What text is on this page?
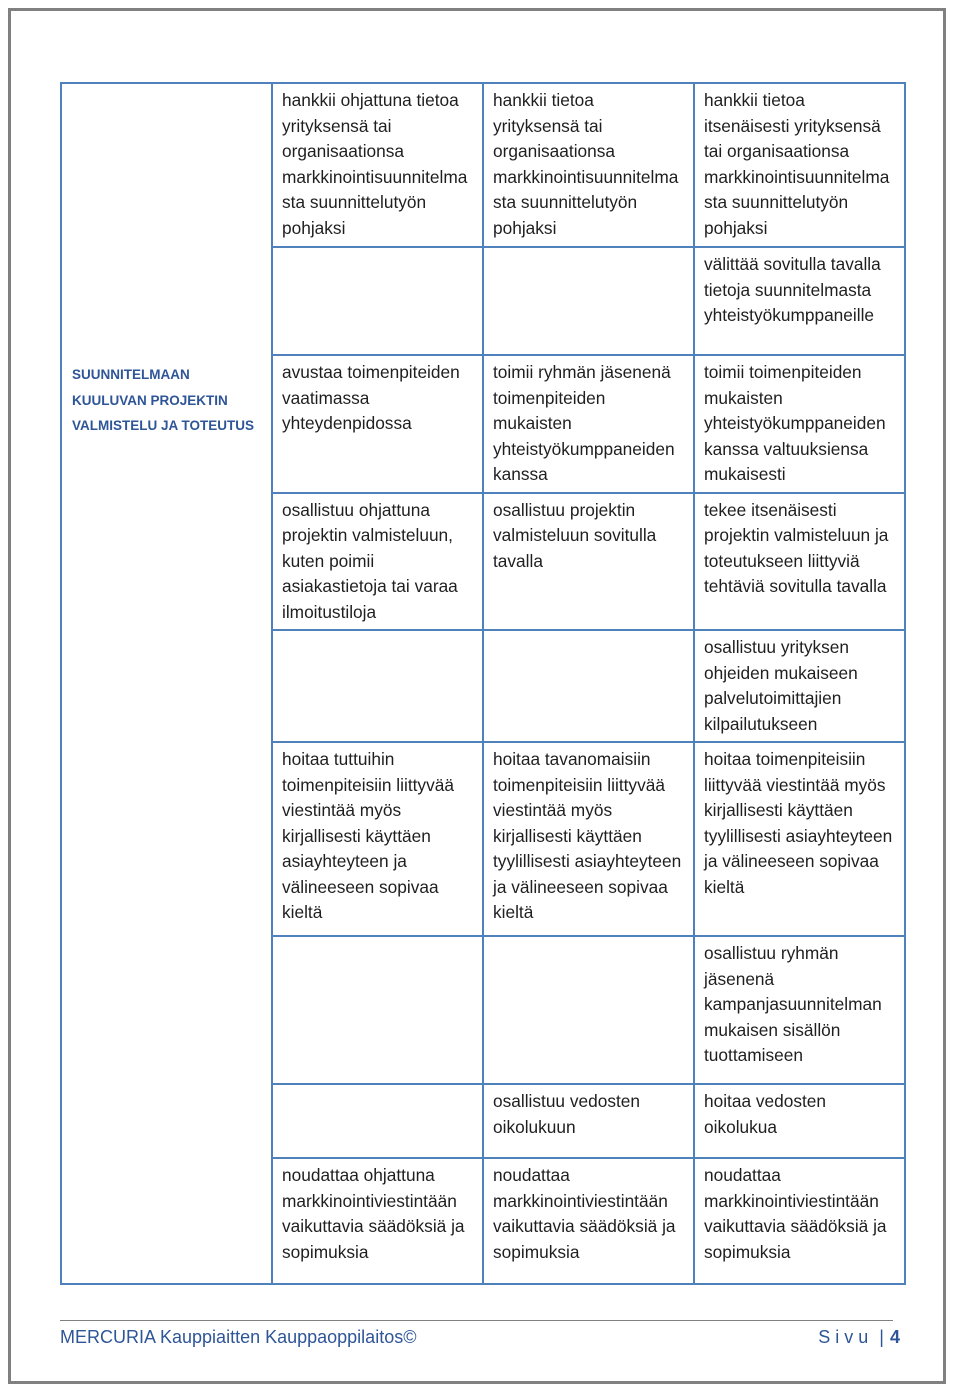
SUUNNITELMAAN KUULUVAN PROJEKTIN VALMISTELU JA TOTEUTUS	hankkii ohjattuna tietoa yrityksensä tai organisaationsa markkinointisuunnitelmasta suunnittelutyön pohjaksi	hankkii tietoa yrityksensä tai organisaationsa markkinointisuunnitelmasta suunnittelutyön pohjaksi	hankkii tietoa itsenäisesti yrityksensä tai organisaationsa markkinointisuunnitelmasta suunnittelutyön pohjaksi

			välittää sovitulla tavalla tietoja suunnitelmasta yhteistyökumppaneille

	avustaa toimenpiteiden vaatimassa yhteydenpidossa	toimii ryhmän jäsenenä toimenpiteiden mukaisten yhteistyökumppaneiden kanssa	toimii toimenpiteiden mukaisten yhteistyökumppaneiden kanssa valtuuksiensa mukaisesti

	osallistuu ohjattuna projektin valmisteluun, kuten poimii asiakastietoja tai varaa ilmoitustiloja	osallistuu projektin valmisteluun sovitulla tavalla	tekee itsenäisesti projektin valmisteluun ja toteutukseen liittyviä tehtäviä sovitulla tavalla

			osallistuu yrityksen ohjeiden mukaiseen palvelutoimittajien kilpailutukseen

	hoitaa tuttuihin toimenpiteisiin liittyvää viestintää myös kirjallisesti käyttäen asiayhteyteen ja välineeseen sopivaa kieltä	hoitaa tavanomaisiin toimenpiteisiin liittyvää viestintää myös kirjallisesti käyttäen tyylillisesti asiayhteyteen ja välineeseen sopivaa kieltä	hoitaa toimenpiteisiin liittyvää viestintää myös kirjallisesti käyttäen tyylillisesti asiayhteyteen ja välineeseen sopivaa kieltä

			osallistuu ryhmän jäsenenä kampanjasuunnitelman mukaisen sisällön tuottamiseen

		osallistuu vedosten oikolukuun	hoitaa vedosten oikolukua

	noudattaa ohjattuna markkinointiviestintään vaikuttavia säädöksiä ja sopimuksia	noudattaa markkinointiviestintään vaikuttavia säädöksiä ja sopimuksia	noudattaa markkinointiviestintään vaikuttavia säädöksiä ja sopimuksia
MERCURIA Kauppiaitten Kauppaoppilaitos©	Sivu | 4
